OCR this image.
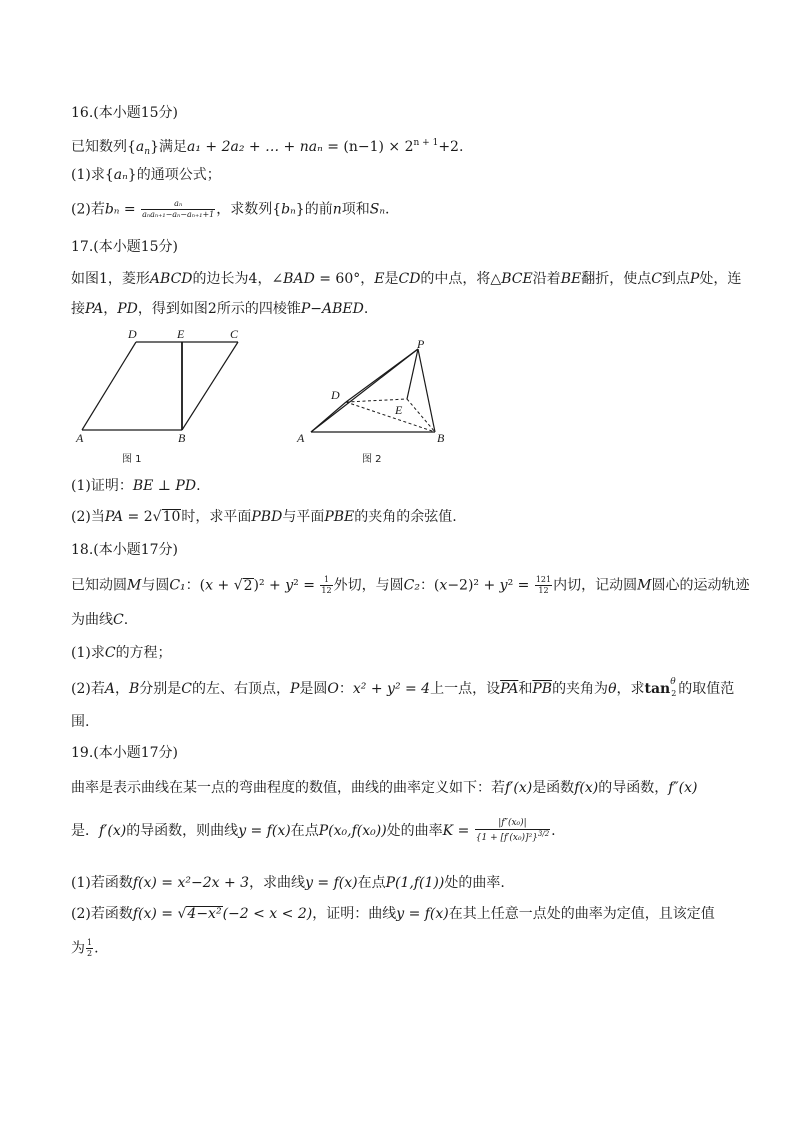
16.(本小题15分)
已知数列$\{a_n\}$满足a₁ + 2a₂ + … + $na_n = (n-1) \times 2^{n + 1}+2$.
(1)求{aₙ}的通项公式；
(2)若$b_n = \frac{\text{aₙ}}{\text{aₙaₙ₊₁−aₙ−aₙ₊₁+1}}$ ，求数列{bₙ}的前n项和Sₙ.
17.(本小题15分)
如图1，菱形ABCD的边长为4，∠BAD = 60°，E是CD的中点，将△BCE沿着BE翻折，使点C到点P处，连
接PA，PD，得到如图2所示的四棱锥P−ABED.
D	E	C
A	B
图 1
P
D
E
A	B
图 2
(1)证明：BE ⊥ PD.
(2)当PA = 2√10时，求平面PBD与平面PBE的夹角的余弦值.
18.(本小题17分)
已知动圆M与圆C₁：$(x + √2)^2 + y^2 = \frac{1}{12}$ 外切，与圆C₂：$(x-2)^2 + y^2 = \frac{121}{12}$ 内切，记动圆M圆心的运动轨迹
为曲线C.
(1)求C的方程；
(2)若A，B分别是C的左、右顶点，P是圆O：x² + y² = 4上一点，设$\overline{PA}$和$\overline{PB}$的夹角为θ，求tan θ
2 的取值范
围.
19.(本小题17分)
曲率是表示曲线在某一点的弯曲程度的数值，曲线的曲率定义如下：若f′(x)是函数f(x)的导函数，f″(x)
是．f′(x)的导函数，则曲线y = f(x)在点P(x₀,f(x₀))处的曲率$K = \frac{\text{|f″(x₀)|}}{\{1 + [f'(x_0)]^2\}^{3/2}}$ .
(1)若函数f(x) = x²−2x + 3，求曲线y = f(x)在点P(1,f(1))处的曲率.
(2)若函数f(x) = √4−x²(−2 < x < 2)，证明：曲线y = f(x)在其上任意一点处的曲率为定值，且该定值
为 $\frac{1}{2}$ .
